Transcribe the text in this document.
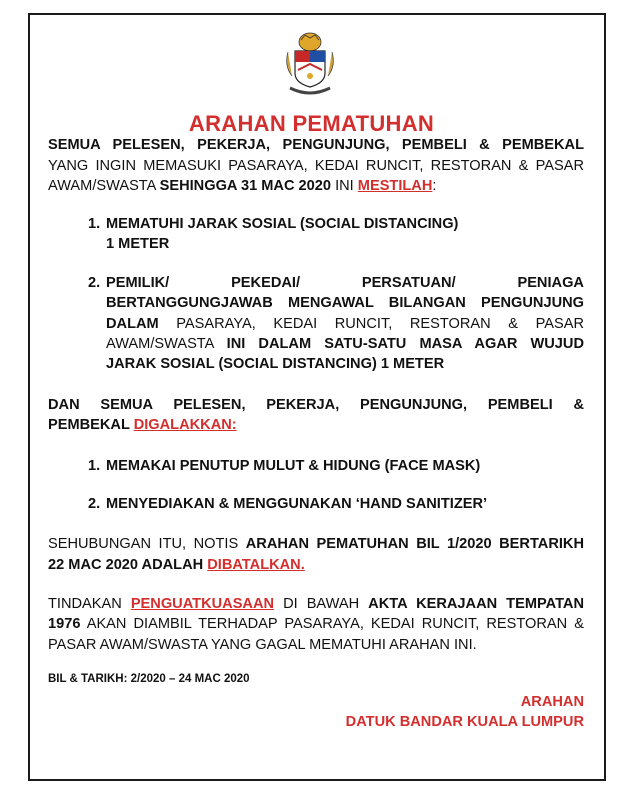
ARAHAN PEMATUHAN
SEMUA PELESEN, PEKERJA, PENGUNJUNG, PEMBELI & PEMBEKAL
YANG INGIN MEMASUKI PASARAYA, KEDAI RUNCIT, RESTORAN & PASAR
AWAM/SWASTA SEHINGGA 31 MAC 2020 INI MESTILAH:
1. MEMATUHI JARAK SOSIAL (SOCIAL DISTANCING)
1 METER
2. PEMILIK/	PEKEDAI/	PERSATUAN/	PENIAGA
BERTANGGUNGJAWAB MENGAWAL BILANGAN PENGUNJUNG
DALAM PASARAYA, KEDAI RUNCIT, RESTORAN & PASAR
AWAM/SWASTA INI DALAM SATU-SATU MASA AGAR WUJUD
JARAK SOSIAL (SOCIAL DISTANCING) 1 METER
DAN SEMUA PELESEN, PEKERJA, PENGUNJUNG, PEMBELI &
PEMBEKAL DIGALAKKAN:
1. MEMAKAI PENUTUP MULUT & HIDUNG (FACE MASK)
2. MENYEDIAKAN & MENGGUNAKAN ‘HAND SANITIZER’
SEHUBUNGAN ITU, NOTIS ARAHAN PEMATUHAN BIL 1/2020 BERTARIKH
22 MAC 2020 ADALAH DIBATALKAN.
TINDAKAN PENGUATKUASAAN DI BAWAH AKTA KERAJAAN TEMPATAN
1976 AKAN DIAMBIL TERHADAP PASARAYA, KEDAI RUNCIT, RESTORAN &
PASAR AWAM/SWASTA YANG GAGAL MEMATUHI ARAHAN INI.
BIL & TARIKH: 2/2020 – 24 MAC 2020
ARAHAN
DATUK BANDAR KUALA LUMPUR
